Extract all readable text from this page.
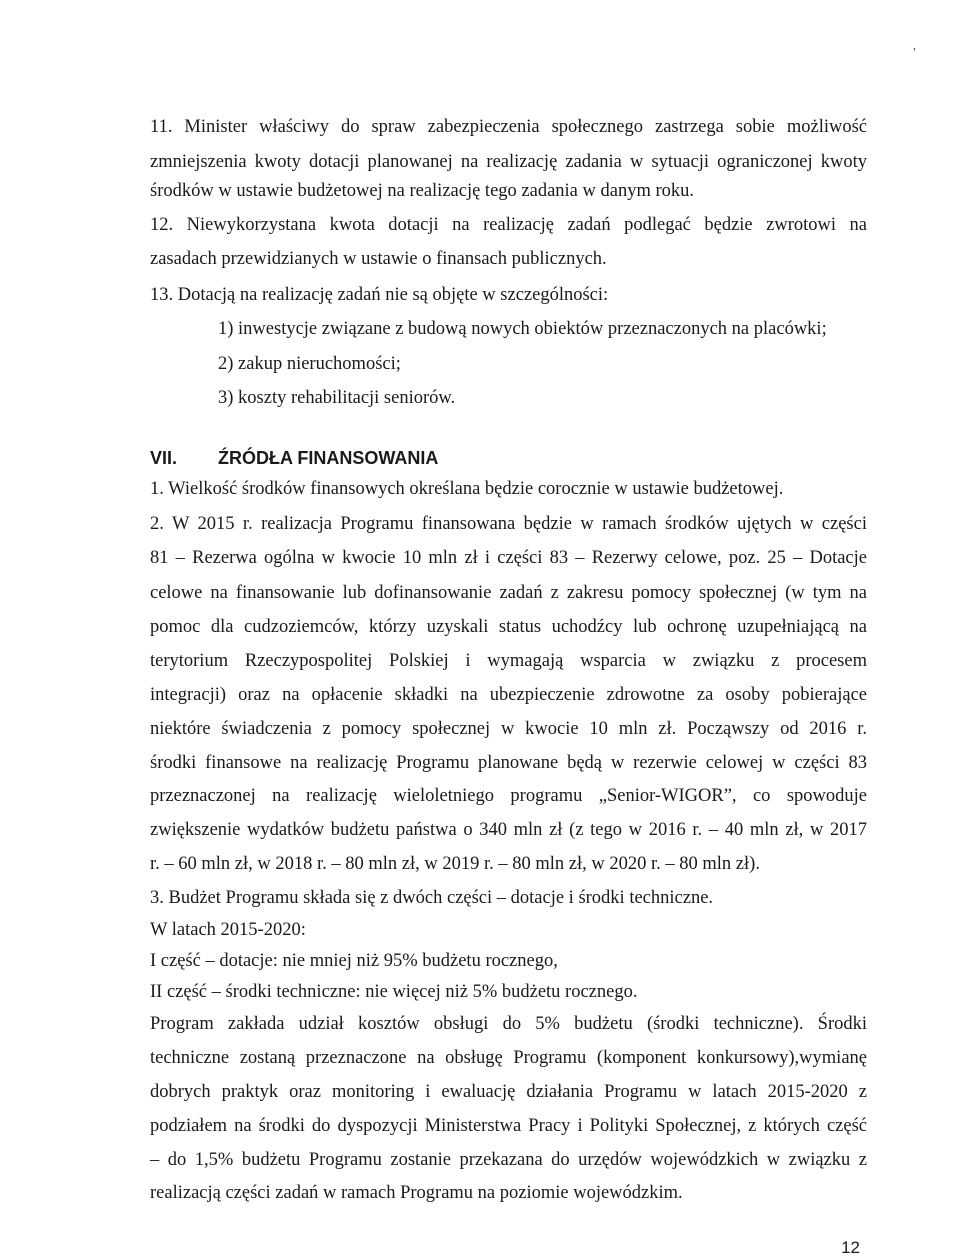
,

11. Minister właściwy do spraw zabezpieczenia społecznego zastrzega sobie możliwość

zmniejszenia kwoty dotacji planowanej na realizację zadania w sytuacji ograniczonej kwoty

środków w ustawie budżetowej na realizację tego zadania w danym roku.

12. Niewykorzystana kwota dotacji na realizację zadań podlegać będzie zwrotowi na

zasadach przewidzianych w ustawie o finansach publicznych.

13. Dotacją na realizację zadań nie są objęte w szczególności:

1) inwestycje związane z budową nowych obiektów przeznaczonych na placówki;

2) zakup nieruchomości;

3) koszty rehabilitacji seniorów.

1. Wielkość środków finansowych określana będzie corocznie w ustawie budżetowej.

2. W 2015 r. realizacja Programu finansowana będzie w ramach środków ujętych w części

81 – Rezerwa ogólna w kwocie 10 mln zł i części 83 – Rezerwy celowe, poz. 25 – Dotacje

celowe na finansowanie lub dofinansowanie zadań z zakresu pomocy społecznej (w tym na

pomoc dla cudzoziemców, którzy uzyskali status uchodźcy lub ochronę uzupełniającą na

terytorium Rzeczypospolitej Polskiej i wymagają wsparcia w związku z procesem

integracji) oraz na opłacenie składki na ubezpieczenie zdrowotne za osoby pobierające

niektóre świadczenia z pomocy społecznej w kwocie 10 mln zł. Począwszy od 2016 r.

środki finansowe na realizację Programu planowane będą w rezerwie celowej w części 83

przeznaczonej na realizację wieloletniego programu „Senior-WIGOR”, co spowoduje

zwiększenie wydatków budżetu państwa o 340 mln zł (z tego w 2016 r. – 40 mln zł, w 2017

r. – 60 mln zł, w 2018 r. – 80 mln zł, w 2019 r. – 80 mln zł, w 2020 r. – 80 mln zł).

3. Budżet Programu składa się z dwóch części – dotacje i środki techniczne.

W latach 2015-2020:

I część – dotacje: nie mniej niż 95% budżetu rocznego,

II część – środki techniczne: nie więcej niż 5% budżetu rocznego.

Program zakłada udział kosztów obsługi do 5% budżetu (środki techniczne). Środki

techniczne zostaną przeznaczone na obsługę Programu (komponent konkursowy),wymianę

dobrych praktyk oraz monitoring i ewaluację działania Programu w latach 2015-2020 z

podziałem na środki do dyspozycji Ministerstwa Pracy i Polityki Społecznej, z których część

– do 1,5% budżetu Programu zostanie przekazana do urzędów wojewódzkich w związku z

realizacją części zadań w ramach Programu na poziomie wojewódzkim.

VII. ŹRÓDŁA FINANSOWANIA

12
